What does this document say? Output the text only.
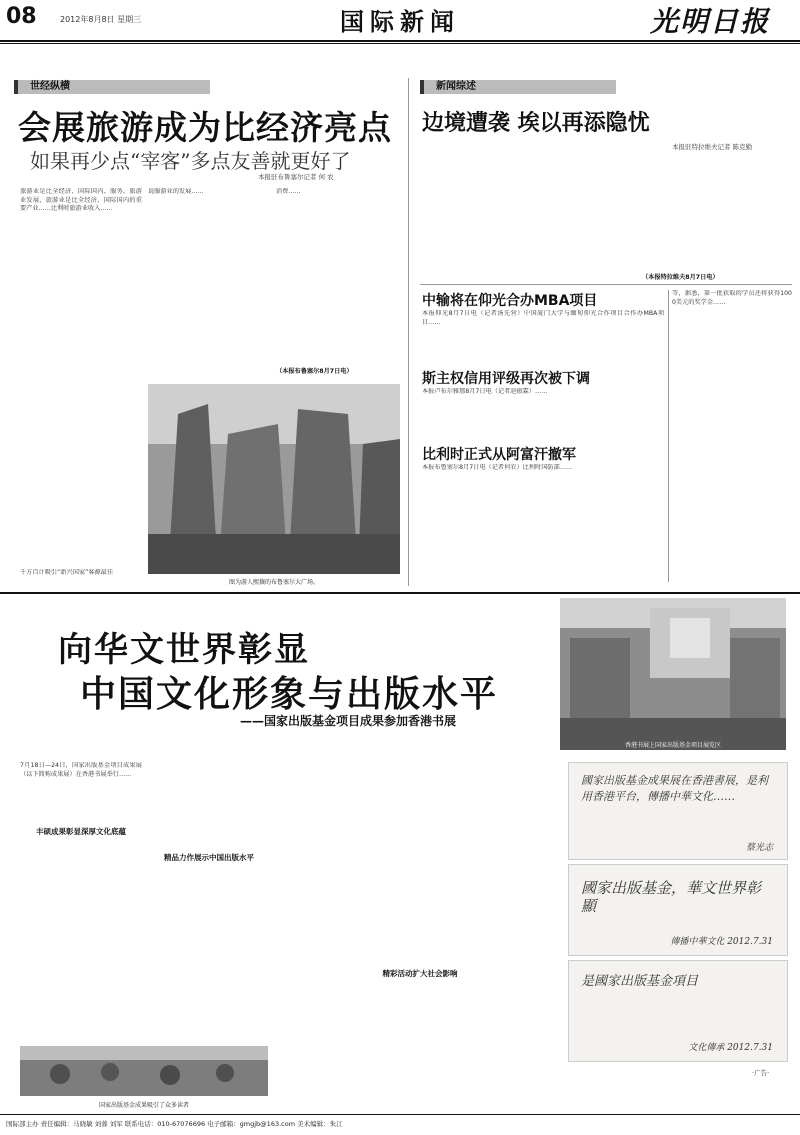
08	2012年8月8日 星期三	国际新闻	光明日报
世经纵横
会展旅游成为比经济亮点
如果再少点“宰客”多点友善就更好了
本报驻布鲁塞尔记者 何 农
旅游业是比全经济、国际国内、服务，旅游业发展，旅游业是比全经济、国际国内的重要产业……比利时旅游业收入……
说服游业的发展……	消费……
（本报布鲁塞尔8月7日电）
千方百计吸引“新兴国家”客源最佳
图为游人熙攘的布鲁塞尔大广场。
新闻综述
边境遭袭 埃以再添隐忧
本报驻特拉维夫记者 陈克勤
（本报特拉维夫8月7日电）
中输将在仰光合办MBA项目
本报仰光8月7日电（记者汤先营）中国厦门大学与缅甸仰光合作项目合作办MBA项目……
斯主权信用评级再次被下调
本报卢布尔雅那8月7日电（记者赵振霖）……
比利时正式从阿富汗撤军
本报布鲁塞尔8月7日电（记者何农）比利时国防部……
等，据悉，第一批获取的学员还将获得1000美元的奖学金……
向华文世界彰显
中国文化形象与出版水平
——国家出版基金项目成果参加香港书展
香港书展上国家出版基金项目展览区
7月18日—24日，国家出版基金项目成果展（以下简称成果展）在香港书展举行……
丰硕成果彰显深厚文化底蕴
精品力作展示中国出版水平
精彩活动扩大社会影响
国家出版基金成果吸引了众多读者
國家出版基金成果展在香港書展，是利用香港平台，傳播中華文化……
蔡光志
國家出版基金，華文世界彰顯
傳播中華文化 2012.7.31
是國家出版基金項目
文化傳承 2012.7.31
·广告·
国际部主办 责任编辑：马晓敏 刘蓉 刘军 联系电话：010-67076696 电子邮箱：gmgjb@163.com 美术编辑：朱江
